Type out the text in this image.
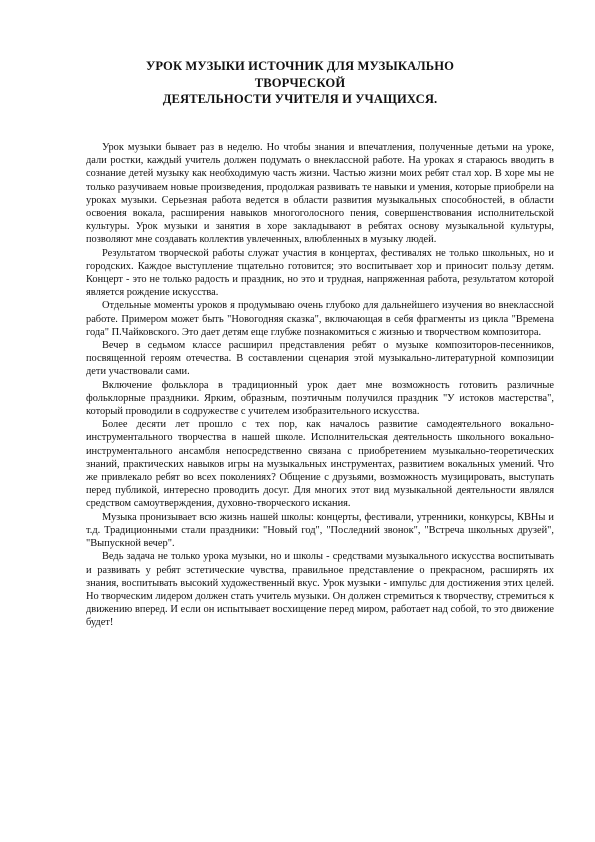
УРОК МУЗЫКИ ИСТОЧНИК ДЛЯ МУЗЫКАЛЬНО
ТВОРЧЕСКОЙ
ДЕЯТЕЛЬНОСТИ УЧИТЕЛЯ И УЧАЩИХСЯ.

Урок музыки бывает раз в неделю. Но чтобы знания и впечатления, полученные детьми на уроке, дали ростки, каждый учитель должен подумать о внеклассной работе. На уроках я стараюсь вводить в сознание детей музыку как необходимую часть жизни. Частью жизни моих ребят стал хор. В хоре мы не только разучиваем новые произведения, продолжая развивать те навыки и умения, которые приобрели на уроках музыки. Серьезная работа ведется в области развития музыкальных способностей, в области освоения вокала, расширения навыков многоголосного пения, совершенствования исполнительской культуры. Урок музыки и занятия в хоре закладывают в ребятах основу музыкальной культуры, позволяют мне создавать коллектив увлеченных, влюбленных в музыку людей.

Результатом творческой работы служат участия в концертах, фестивалях не только школьных, но и городских. Каждое выступление тщательно готовится; это воспитывает хор и приносит пользу детям. Концерт - это не только радость и праздник, но это и трудная, напряженная работа, результатом которой является рождение искусства.

Отдельные моменты уроков я продумываю очень глубоко для дальнейшего изучения во внеклассной работе. Примером может быть "Новогодняя сказка", включающая в себя фрагменты из цикла "Времена года" П.Чайковского. Это дает детям еще глубже познакомиться с жизнью и творчеством композитора.

Вечер в седьмом классе расширил представления ребят о музыке композиторов-песенников, посвященной героям отечества. В составлении сценария этой музыкально-литературной композиции дети участвовали сами.

Включение фольклора в традиционный урок дает мне возможность готовить различные фольклорные праздники. Ярким, образным, поэтичным получился праздник "У истоков мастерства", который проводили в содружестве с учителем изобразительного искусства.

Более десяти лет прошло с тех пор, как началось развитие самодеятельного вокально-инструментального творчества в нашей школе. Исполнительская деятельность школьного вокально-инструментального ансамбля непосредственно связана с приобретением музыкально-теоретических знаний, практических навыков игры на музыкальных инструментах, развитием вокальных умений. Что же привлекало ребят во всех поколениях? Общение с друзьями, возможность музицировать, выступать перед публикой, интересно проводить досуг. Для многих этот вид музыкальной деятельности являлся средством самоутверждения, духовно-творческого искания.

Музыка пронизывает всю жизнь нашей школы: концерты, фестивали, утренники, конкурсы, КВНы и т.д. Традиционными стали праздники: "Новый год", "Последний звонок", "Встреча школьных друзей", "Выпускной вечер".

Ведь задача не только урока музыки, но и школы - средствами музыкального искусства воспитывать и развивать у ребят эстетические чувства, правильное представление о прекрасном, расширять их знания, воспитывать высокий художественный вкус. Урок музыки - импульс для достижения этих целей. Но творческим лидером должен стать учитель музыки. Он должен стремиться к творчеству, стремиться к движению вперед. И если он испытывает восхищение перед миром, работает над собой, то это движение будет!
